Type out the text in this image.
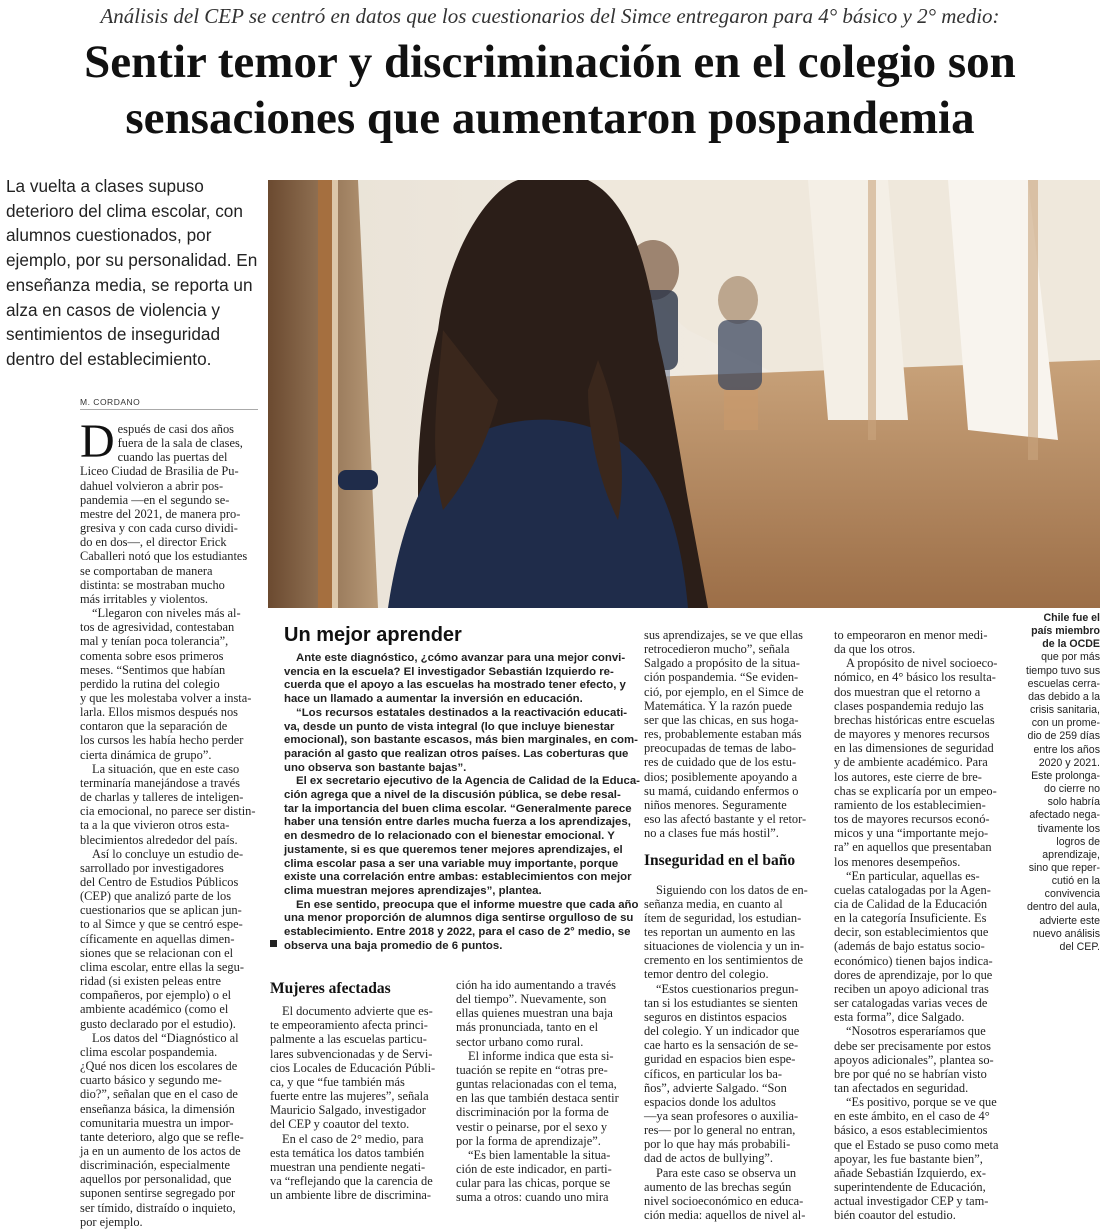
Análisis del CEP se centró en datos que los cuestionarios del Simce entregaron para 4° básico y 2° medio:
Sentir temor y discriminación en el colegio son
sensaciones que aumentaron pospandemia
La vuelta a clases supuso
deterioro del clima escolar, con
alumnos cuestionados, por
ejemplo, por su personalidad. En
enseñanza media, se reporta un
alza en casos de violencia y
sentimientos de inseguridad
dentro del establecimiento.
M. CORDANO
D espués de casi dos años
fuera de la sala de clases,
cuando las puertas del
Liceo Ciudad de Brasilia de Pu-
dahuel volvieron a abrir pos-
pandemia —en el segundo se-
mestre del 2021, de manera pro-
gresiva y con cada curso dividi-
do en dos—, el director Erick
Caballeri notó que los estudiantes
se comportaban de manera
distinta: se mostraban mucho
más irritables y violentos.
“Llegaron con niveles más al-
tos de agresividad, contestaban
mal y tenían poca tolerancia”,
comenta sobre esos primeros
meses. “Sentimos que habían
perdido la rutina del colegio
y que les molestaba volver a insta-
larla. Ellos mismos después nos
contaron que la separación de
los cursos les había hecho perder
cierta dinámica de grupo”.
La situación, que en este caso
terminaría manejándose a través
de charlas y talleres de inteligen-
cia emocional, no parece ser distin-
ta a la que vivieron otros esta-
blecimientos alrededor del país.
Así lo concluye un estudio de-
sarrollado por investigadores
del Centro de Estudios Públicos
(CEP) que analizó parte de los
cuestionarios que se aplican jun-
to al Simce y que se centró espe-
cíficamente en aquellas dimen-
siones que se relacionan con el
clima escolar, entre ellas la segu-
ridad (si existen peleas entre
compañeros, por ejemplo) o el
ambiente académico (como el
gusto declarado por el estudio).
Los datos del “Diagnóstico al
clima escolar pospandemia.
¿Qué nos dicen los escolares de
cuarto básico y segundo me-
dio?”, señalan que en el caso de
enseñanza básica, la dimensión
comunitaria muestra un impor-
tante deterioro, algo que se refle-
ja en un aumento de los actos de
discriminación, especialmente
aquellos por personalidad, que
suponen sentirse segregado por
ser tímido, distraído o inquieto,
por ejemplo.
Un mejor aprender
Ante este diagnóstico, ¿cómo avanzar para una mejor convi-
vencia en la escuela? El investigador Sebastián Izquierdo re-
cuerda que el apoyo a las escuelas ha mostrado tener efecto, y
hace un llamado a aumentar la inversión en educación.
“Los recursos estatales destinados a la reactivación educati-
va, desde un punto de vista integral (lo que incluye bienestar
emocional), son bastante escasos, más bien marginales, en com-
paración al gasto que realizan otros países. Las coberturas que
uno observa son bastante bajas”.
El ex secretario ejecutivo de la Agencia de Calidad de la Educa-
ción agrega que a nivel de la discusión pública, se debe resal-
tar la importancia del buen clima escolar. “Generalmente parece
haber una tensión entre darles mucha fuerza a los aprendizajes,
en desmedro de lo relacionado con el bienestar emocional. Y
justamente, si es que queremos tener mejores aprendizajes, el
clima escolar pasa a ser una variable muy importante, porque
existe una correlación entre ambas: establecimientos con mejor
clima muestran mejores aprendizajes”, plantea.
En ese sentido, preocupa que el informe muestre que cada año
una menor proporción de alumnos diga sentirse orgulloso de su
establecimiento. Entre 2018 y 2022, para el caso de 2° medio, se
observa una baja promedio de 6 puntos.
Mujeres afectadas
El documento advierte que es-
te empeoramiento afecta princi-
palmente a las escuelas particu-
lares subvencionadas y de Servi-
cios Locales de Educación Públi-
ca, y que “fue también más
fuerte entre las mujeres”, señala
Mauricio Salgado, investigador
del CEP y coautor del texto.
En el caso de 2° medio, para
esta temática los datos también
muestran una pendiente negati-
va “reflejando que la carencia de
un ambiente libre de discrimina-
ción ha ido aumentando a través
del tiempo”. Nuevamente, son
ellas quienes muestran una baja
más pronunciada, tanto en el
sector urbano como rural.
El informe indica que esta si-
tuación se repite en “otras pre-
guntas relacionadas con el tema,
en las que también destaca sentir
discriminación por la forma de
vestir o peinarse, por el sexo y
por la forma de aprendizaje”.
“Es bien lamentable la situa-
ción de este indicador, en parti-
cular para las chicas, porque se
suma a otros: cuando uno mira
sus aprendizajes, se ve que ellas
retrocedieron mucho”, señala
Salgado a propósito de la situa-
ción pospandemia. “Se eviden-
ció, por ejemplo, en el Simce de
Matemática. Y la razón puede
ser que las chicas, en sus hoga-
res, probablemente estaban más
preocupadas de temas de labo-
res de cuidado que de los estu-
dios; posiblemente apoyando a
su mamá, cuidando enfermos o
niños menores. Seguramente
eso las afectó bastante y el retor-
no a clases fue más hostil”.
Inseguridad en el baño
Siguiendo con los datos de en-
señanza media, en cuanto al
ítem de seguridad, los estudian-
tes reportan un aumento en las
situaciones de violencia y un in-
cremento en los sentimientos de
temor dentro del colegio.
“Estos cuestionarios pregun-
tan si los estudiantes se sienten
seguros en distintos espacios
del colegio. Y un indicador que
cae harto es la sensación de se-
guridad en espacios bien espe-
cíficos, en particular los ba-
ños”, advierte Salgado. “Son
espacios donde los adultos
—ya sean profesores o auxilia-
res— por lo general no entran,
por lo que hay más probabili-
dad de actos de bullying”.
Para este caso se observa un
aumento de las brechas según
nivel socioeconómico en educa-
ción media: aquellos de nivel al-
to empeoraron en menor medi-
da que los otros.
A propósito de nivel socioeco-
nómico, en 4° básico los resulta-
dos muestran que el retorno a
clases pospandemia redujo las
brechas históricas entre escuelas
de mayores y menores recursos
en las dimensiones de seguridad
y de ambiente académico. Para
los autores, este cierre de bre-
chas se explicaría por un empeo-
ramiento de los establecimien-
tos de mayores recursos econó-
micos y una “importante mejo-
ra” en aquellos que presentaban
los menores desempeños.
“En particular, aquellas es-
cuelas catalogadas por la Agen-
cia de Calidad de la Educación
en la categoría Insuficiente. Es
decir, son establecimientos que
(además de bajo estatus socio-
económico) tienen bajos indica-
dores de aprendizaje, por lo que
reciben un apoyo adicional tras
ser catalogadas varias veces de
esta forma”, dice Salgado.
“Nosotros esperaríamos que
debe ser precisamente por estos
apoyos adicionales”, plantea so-
bre por qué no se habrían visto
tan afectados en seguridad.
“Es positivo, porque se ve que
en este ámbito, en el caso de 4°
básico, a esos establecimientos
que el Estado se puso como meta
apoyar, les fue bastante bien”,
añade Sebastián Izquierdo, ex-
superintendente de Educación,
actual investigador CEP y tam-
bién coautor del estudio.
Chile fue el
país miembro
de la OCDE
que por más
tiempo tuvo sus
escuelas cerra-
das debido a la
crisis sanitaria,
con un prome-
dio de 259 días
entre los años
2020 y 2021.
Este prolonga-
do cierre no
solo habría
afectado nega-
tivamente los
logros de
aprendizaje,
sino que reper-
cutió en la
convivencia
dentro del aula,
advierte este
nuevo análisis
del CEP.
